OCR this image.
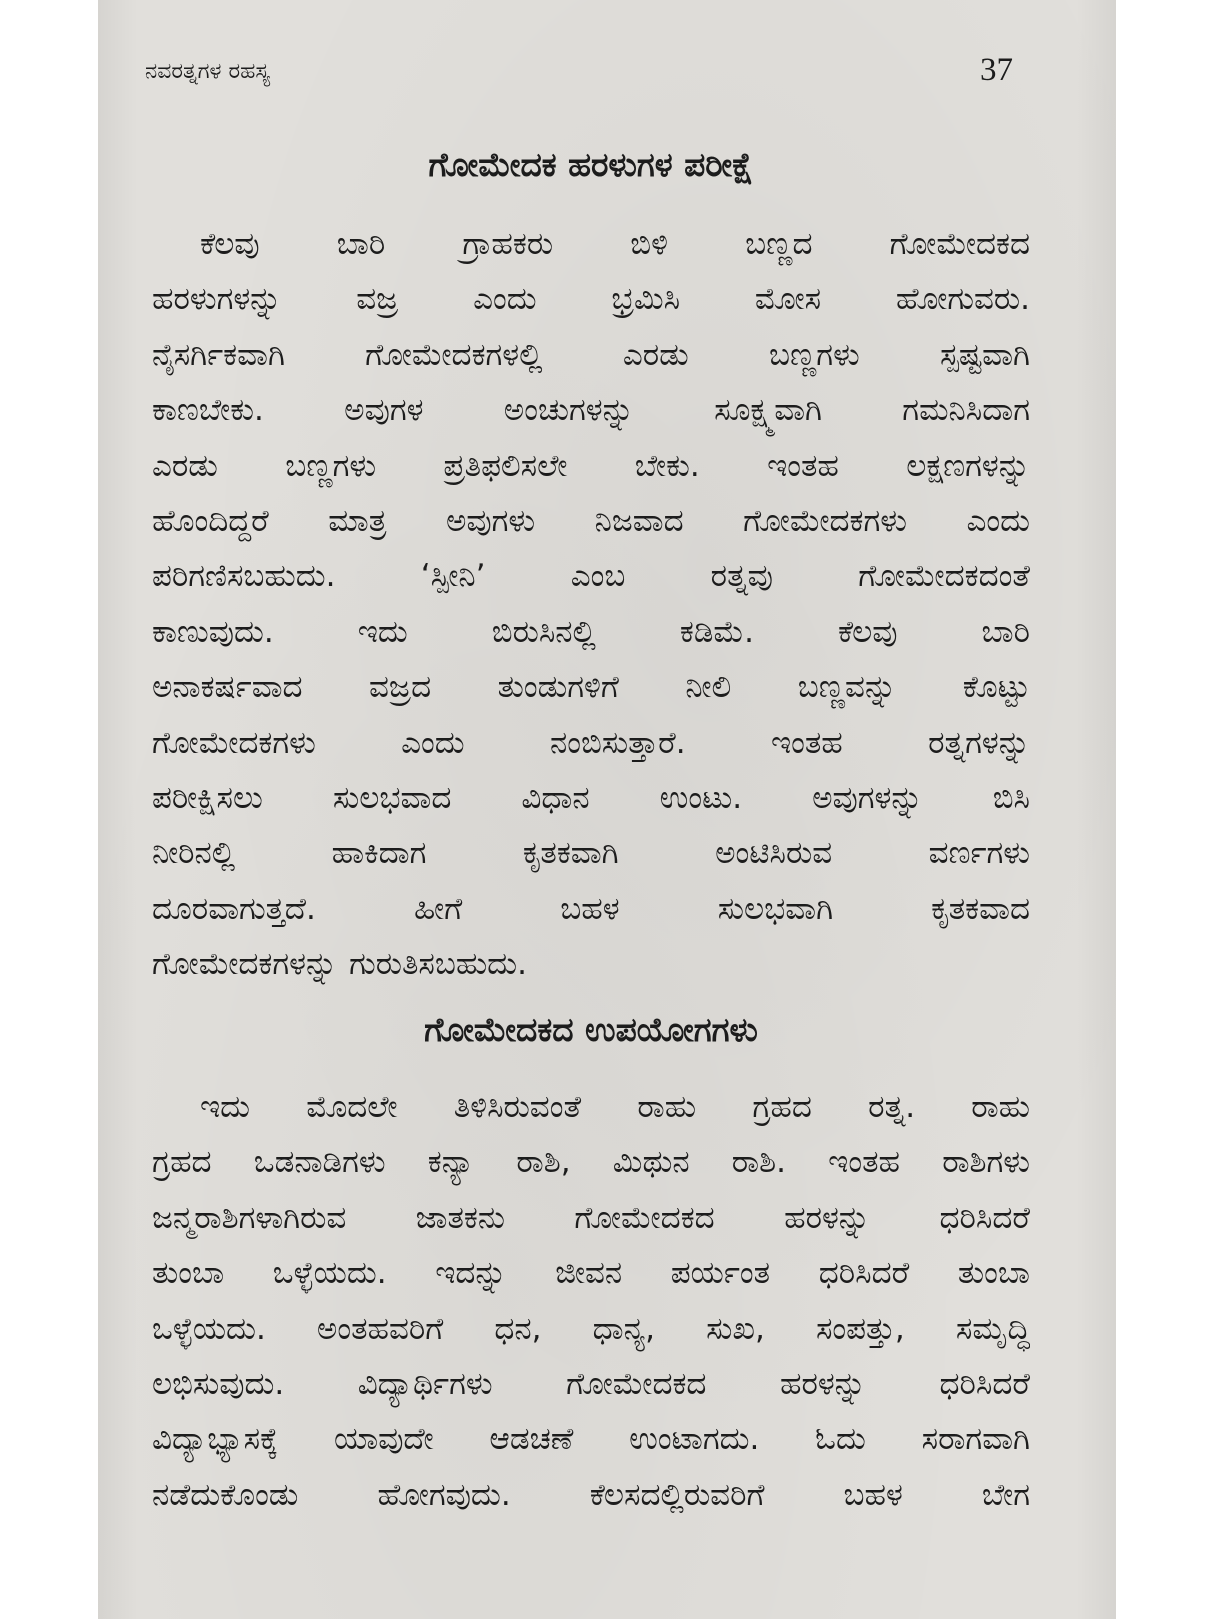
ನವರತ್ನಗಳ ರಹಸ್ಯ	37
ಗೋಮೇದಕ ಹರಳುಗಳ ಪರೀಕ್ಷೆ
ಕೆಲವು ಬಾರಿ ಗ್ರಾಹಕರು ಬಿಳಿ ಬಣ್ಣದ ಗೋಮೇದಕದ
ಹರಳುಗಳನ್ನು ವಜ್ರ ಎಂದು ಭ್ರಮಿಸಿ ಮೋಸ ಹೋಗುವರು.
ನೈಸರ್ಗಿಕವಾಗಿ ಗೋಮೇದಕಗಳಲ್ಲಿ ಎರಡು ಬಣ್ಣಗಳು ಸ್ಪಷ್ಟವಾಗಿ
ಕಾಣಬೇಕು. ಅವುಗಳ ಅಂಚುಗಳನ್ನು ಸೂಕ್ಷ್ಮವಾಗಿ ಗಮನಿಸಿದಾಗ
ಎರಡು ಬಣ್ಣಗಳು ಪ್ರತಿಫಲಿಸಲೇ ಬೇಕು. ಇಂತಹ ಲಕ್ಷಣಗಳನ್ನು
ಹೊಂದಿದ್ದರೆ ಮಾತ್ರ ಅವುಗಳು ನಿಜವಾದ ಗೋಮೇದಕಗಳು ಎಂದು
ಪರಿಗಣಿಸಬಹುದು. ‘ಸ್ಪೀನಿ’ ಎಂಬ ರತ್ನವು ಗೋಮೇದಕದಂತೆ
ಕಾಣುವುದು. ಇದು ಬಿರುಸಿನಲ್ಲಿ ಕಡಿಮೆ. ಕೆಲವು ಬಾರಿ
ಅನಾಕರ್ಷವಾದ ವಜ್ರದ ತುಂಡುಗಳಿಗೆ ನೀಲಿ ಬಣ್ಣವನ್ನು ಕೊಟ್ಟು
ಗೋಮೇದಕಗಳು ಎಂದು ನಂಬಿಸುತ್ತಾರೆ. ಇಂತಹ ರತ್ನಗಳನ್ನು
ಪರೀಕ್ಷಿಸಲು ಸುಲಭವಾದ ವಿಧಾನ ಉಂಟು. ಅವುಗಳನ್ನು ಬಿಸಿ
ನೀರಿನಲ್ಲಿ ಹಾಕಿದಾಗ ಕೃತಕವಾಗಿ ಅಂಟಿಸಿರುವ ವರ್ಣಗಳು
ದೂರವಾಗುತ್ತದೆ. ಹೀಗೆ ಬಹಳ ಸುಲಭವಾಗಿ ಕೃತಕವಾದ
ಗೋಮೇದಕಗಳನ್ನು ಗುರುತಿಸಬಹುದು.
ಗೋಮೇದಕದ ಉಪಯೋಗಗಳು
ಇದು ಮೊದಲೇ ತಿಳಿಸಿರುವಂತೆ ರಾಹು ಗ್ರಹದ ರತ್ನ. ರಾಹು
ಗ್ರಹದ ಒಡನಾಡಿಗಳು ಕನ್ಯಾ ರಾಶಿ, ಮಿಥುನ ರಾಶಿ. ಇಂತಹ ರಾಶಿಗಳು
ಜನ್ಮರಾಶಿಗಳಾಗಿರುವ ಜಾತಕನು ಗೋಮೇದಕದ ಹರಳನ್ನು ಧರಿಸಿದರೆ
ತುಂಬಾ ಒಳ್ಳೆಯದು. ಇದನ್ನು ಜೀವನ ಪರ್ಯಂತ ಧರಿಸಿದರೆ ತುಂಬಾ
ಒಳ್ಳೆಯದು. ಅಂತಹವರಿಗೆ ಧನ, ಧಾನ್ಯ, ಸುಖ, ಸಂಪತ್ತು, ಸಮೃದ್ಧಿ
ಲಭಿಸುವುದು. ವಿದ್ಯಾರ್ಥಿಗಳು ಗೋಮೇದಕದ ಹರಳನ್ನು ಧರಿಸಿದರೆ
ವಿದ್ಯಾಭ್ಯಾಸಕ್ಕೆ ಯಾವುದೇ ಆಡಚಣೆ ಉಂಟಾಗದು. ಓದು ಸರಾಗವಾಗಿ
ನಡೆದುಕೊಂಡು ಹೋಗವುದು. ಕೆಲಸದಲ್ಲಿರುವರಿಗೆ ಬಹಳ ಬೇಗ
